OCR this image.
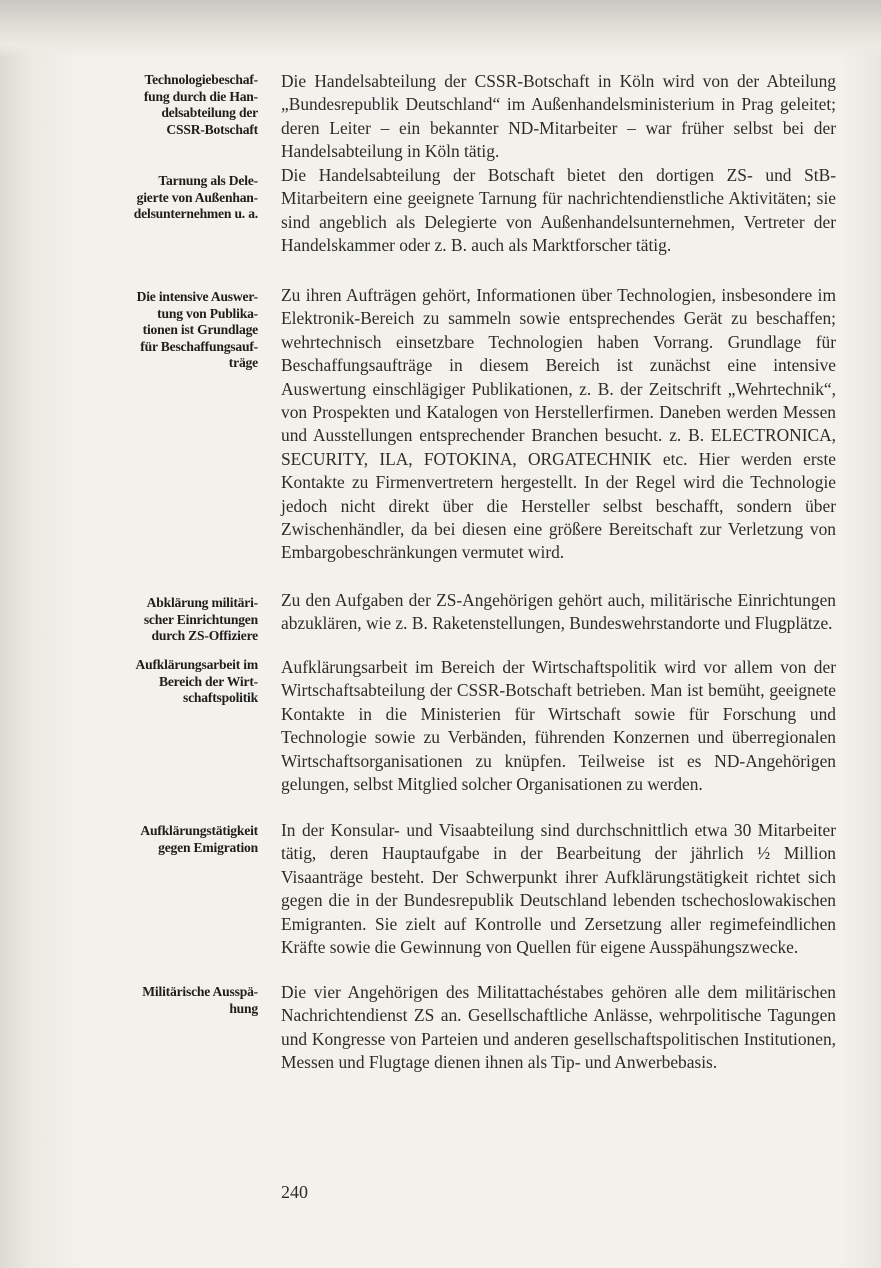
Technologiebeschaf-
fung durch die Han-
delsabteilung der
CSSR-Botschaft
Die Handelsabteilung der CSSR-Botschaft in Köln wird von der Abteilung „Bundesrepublik Deutschland“ im Außenhandelsministerium in Prag geleitet; deren Leiter – ein bekannter ND-Mitarbeiter – war früher selbst bei der Handelsabteilung in Köln tätig.
Tarnung als Dele-
gierte von Außenhan-
delsunternehmen u. a.
Die Handelsabteilung der Botschaft bietet den dortigen ZS- und StB-Mitarbeitern eine geeignete Tarnung für nachrichtendienstliche Aktivitäten; sie sind angeblich als Delegierte von Außenhandelsunternehmen, Vertreter der Handelskammer oder z. B. auch als Marktforscher tätig.
Die intensive Auswer-
tung von Publika-
tionen ist Grundlage
für Beschaffungsauf-
träge
Zu ihren Aufträgen gehört, Informationen über Technologien, insbesondere im Elektronik-Bereich zu sammeln sowie entsprechendes Gerät zu beschaffen; wehrtechnisch einsetzbare Technologien haben Vorrang. Grundlage für Beschaffungsaufträge in diesem Bereich ist zunächst eine intensive Auswertung einschlägiger Publikationen, z. B. der Zeitschrift „Wehrtechnik“, von Prospekten und Katalogen von Herstellerfirmen. Daneben werden Messen und Ausstellungen entsprechender Branchen besucht. z. B. ELECTRONICA, SECURITY, ILA, FOTOKINA, ORGATECHNIK etc. Hier werden erste Kontakte zu Firmenvertretern hergestellt. In der Regel wird die Technologie jedoch nicht direkt über die Hersteller selbst beschafft, sondern über Zwischenhändler, da bei diesen eine größere Bereitschaft zur Verletzung von Embargobeschränkungen vermutet wird.
Abklärung militäri-
scher Einrichtungen
durch ZS-Offiziere
Zu den Aufgaben der ZS-Angehörigen gehört auch, militärische Einrichtungen abzuklären, wie z. B. Raketenstellungen, Bundeswehrstandorte und Flugplätze.
Aufklärungsarbeit im
Bereich der Wirt-
schaftspolitik
Aufklärungsarbeit im Bereich der Wirtschaftspolitik wird vor allem von der Wirtschaftsabteilung der CSSR-Botschaft betrieben. Man ist bemüht, geeignete Kontakte in die Ministerien für Wirtschaft sowie für Forschung und Technologie sowie zu Verbänden, führenden Konzernen und überregionalen Wirtschaftsorganisationen zu knüpfen. Teilweise ist es ND-Angehörigen gelungen, selbst Mitglied solcher Organisationen zu werden.
Aufklärungstätigkeit
gegen Emigration
In der Konsular- und Visaabteilung sind durchschnittlich etwa 30 Mitarbeiter tätig, deren Hauptaufgabe in der Bearbeitung der jährlich ½ Million Visaanträge besteht. Der Schwerpunkt ihrer Aufklärungstätigkeit richtet sich gegen die in der Bundesrepublik Deutschland lebenden tschechoslowakischen Emigranten. Sie zielt auf Kontrolle und Zersetzung aller regimefeindlichen Kräfte sowie die Gewinnung von Quellen für eigene Ausspähungszwecke.
Militärische Ausspä-
hung
Die vier Angehörigen des Militattachéstabes gehören alle dem militärischen Nachrichtendienst ZS an. Gesellschaftliche Anlässe, wehrpolitische Tagungen und Kongresse von Parteien und anderen gesellschaftspolitischen Institutionen, Messen und Flugtage dienen ihnen als Tip- und Anwerbebasis.
240
